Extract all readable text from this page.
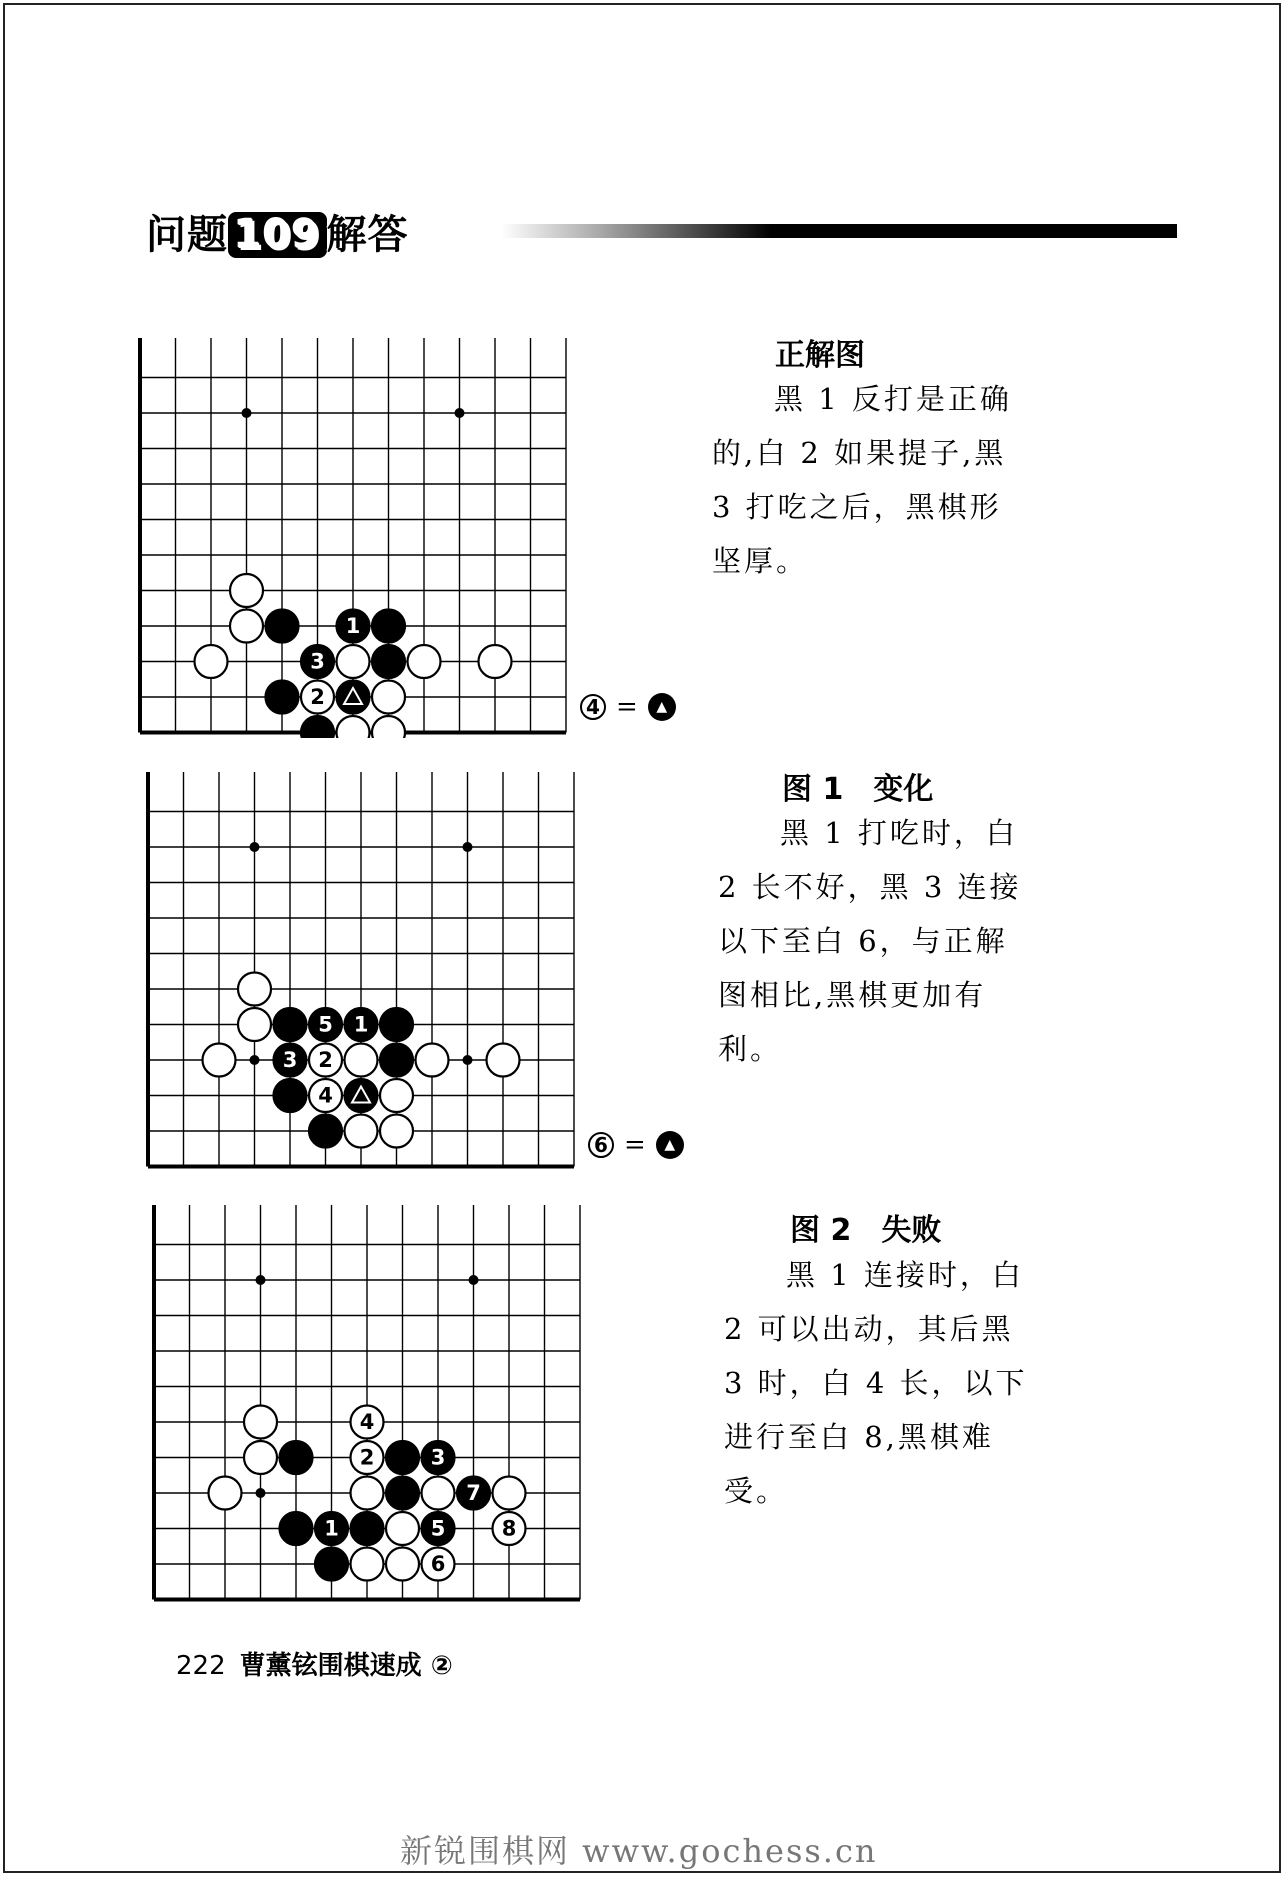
问题 109 解答
1
3
2	4 =	▲
正解图
黑 1 反打是正确的,白 2 如果提子,黑 3 打吃之后，黑棋形坚厚。
5 1
3 2
4
6 =	▲
图 1　变化
黑 1 打吃时，白 2 长不好，黑 3 连接以下至白 6，与正解图相比,黑棋更加有利。
4
2	3
7
1	5	8
6
图 2　失败
黑 1 连接时，白 2 可以出动，其后黑 3 时，白 4 长，以下进行至白 8,黑棋难受。
222 曹薰铉围棋速成 ②
新锐围棋网 www.gochess.cn
